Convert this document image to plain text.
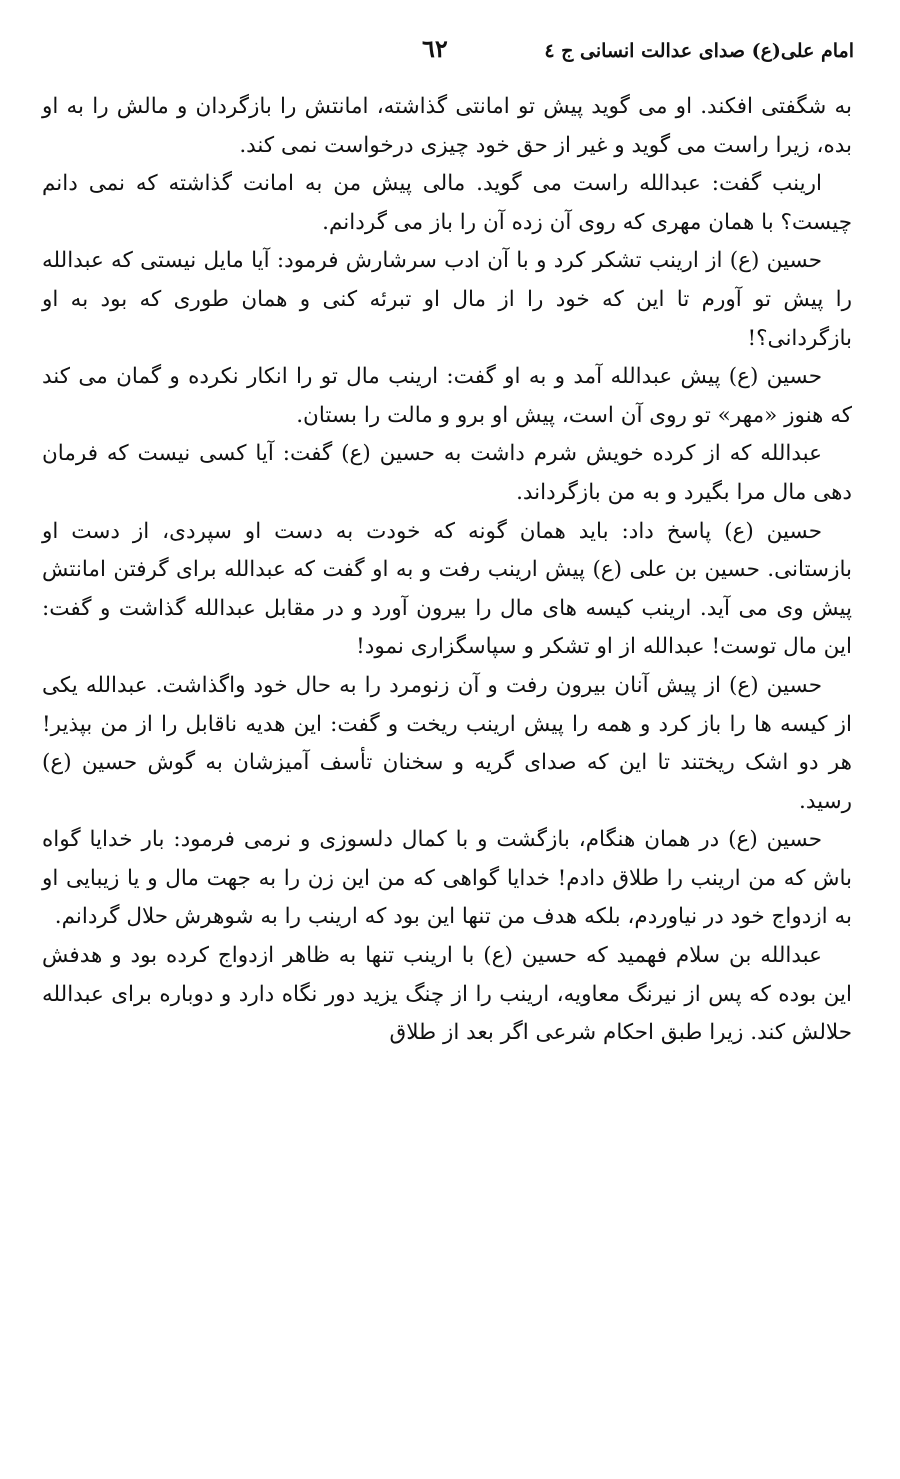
امام علی(ع) صدای عدالت انسانی ج ٤
٦٢

به شگفتی افکند. او می گوید پیش تو امانتی گذاشته، امانتش را بازگردان و مالش را به او بده، زیرا راست می گوید و غیر از حق خود چیزی درخواست نمی کند.

ارینب گفت: عبدالله راست می گوید. مالی پیش من به امانت گذاشته که نمی دانم چیست؟ با همان مهری که روی آن زده آن را باز می گردانم.

حسین (ع) از ارینب تشکر کرد و با آن ادب سرشارش فرمود: آیا مایل نیستی که عبدالله را پیش تو آورم تا این که خود را از مال او تبرئه کنی و همان طوری که بود به او بازگردانی؟!

حسین (ع) پیش عبدالله آمد و به او گفت: ارینب مال تو را انکار نکرده و گمان می کند که هنوز «مهر» تو روی آن است، پیش او برو و مالت را بستان.

عبدالله که از کرده خویش شرم داشت به حسین (ع) گفت: آیا کسی نیست که فرمان دهی مال مرا بگیرد و به من بازگرداند.

حسین (ع) پاسخ داد: باید همان گونه که خودت به دست او سپردی، از دست او بازستانی. حسین بن علی (ع) پیش ارینب رفت و به او گفت که عبدالله برای گرفتن امانتش پیش وی می آید. ارینب کیسه های مال را بیرون آورد و در مقابل عبدالله گذاشت و گفت: این مال توست! عبدالله از او تشکر و سپاسگزاری نمود!

حسین (ع) از پیش آنان بیرون رفت و آن زنومرد را به حال خود واگذاشت. عبدالله یکی از کیسه ها را باز کرد و همه را پیش ارینب ریخت و گفت: این هدیه ناقابل را از من بپذیر! هر دو اشک ریختند تا این که صدای گریه و سخنان تأسف آمیزشان به گوش حسین (ع) رسید.

حسین (ع) در همان هنگام، بازگشت و با کمال دلسوزی و نرمی فرمود: بار خدایا گواه باش که من ارینب را طلاق دادم! خدایا گواهی که من این زن را به جهت مال و یا زیبایی او به ازدواج خود در نیاوردم، بلکه هدف من تنها این بود که ارینب را به شوهرش حلال گردانم.

عبدالله بن سلام فهمید که حسین (ع) با ارینب تنها به ظاهر ازدواج کرده بود و هدفش این بوده که پس از نیرنگ معاویه، ارینب را از چنگ یزید دور نگاه دارد و دوباره برای عبدالله حلالش کند. زیرا طبق احکام شرعی اگر بعد از طلاق
